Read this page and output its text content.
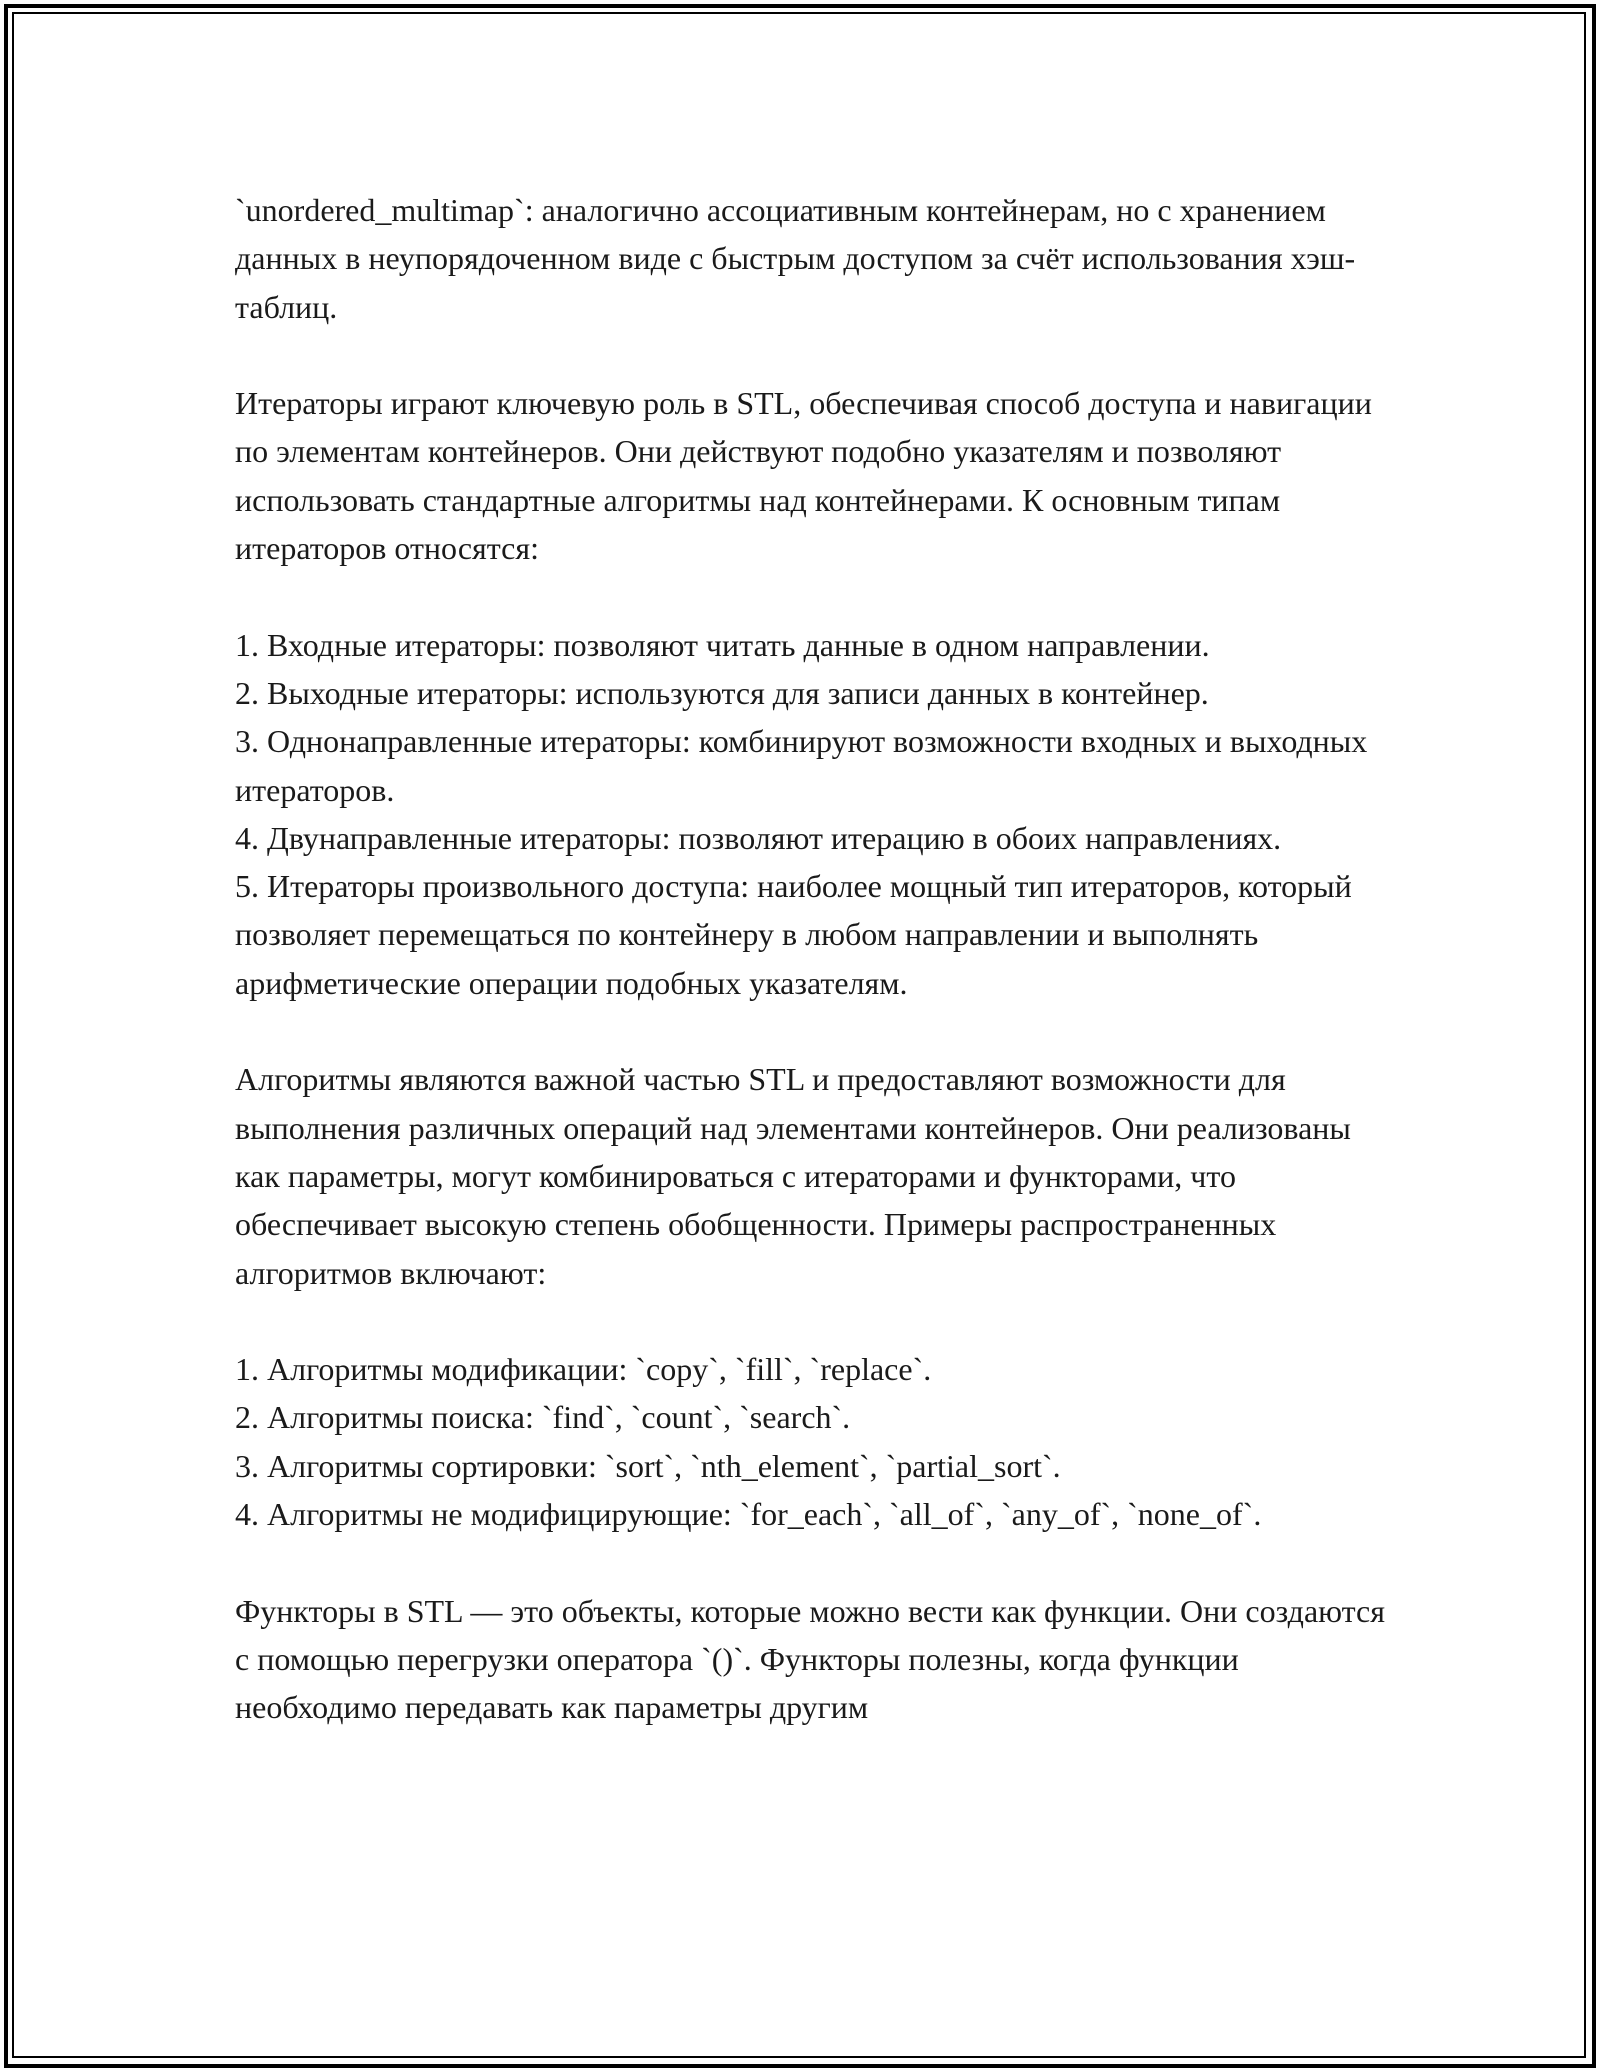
`unordered_multimap`: аналогично ассоциативным контейнерам, но с хранением данных в неупорядоченном виде с быстрым доступом за счёт использования хэш-таблиц.

Итераторы играют ключевую роль в STL, обеспечивая способ доступа и навигации по элементам контейнеров. Они действуют подобно указателям и позволяют использовать стандартные алгоритмы над контейнерами. К основным типам итераторов относятся:

1. Входные итераторы: позволяют читать данные в одном направлении.
2. Выходные итераторы: используются для записи данных в контейнер.
3. Однонаправленные итераторы: комбинируют возможности входных и выходных итераторов.
4. Двунаправленные итераторы: позволяют итерацию в обоих направлениях.
5. Итераторы произвольного доступа: наиболее мощный тип итераторов, который позволяет перемещаться по контейнеру в любом направлении и выполнять арифметические операции подобных указателям.

Алгоритмы являются важной частью STL и предоставляют возможности для выполнения различных операций над элементами контейнеров. Они реализованы как параметры, могут комбинироваться с итераторами и функторами, что обеспечивает высокую степень обобщенности. Примеры распространенных алгоритмов включают:

1. Алгоритмы модификации: `copy`, `fill`, `replace`.
2. Алгоритмы поиска: `find`, `count`, `search`.
3. Алгоритмы сортировки: `sort`, `nth_element`, `partial_sort`.
4. Алгоритмы не модифицирующие: `for_each`, `all_of`, `any_of`, `none_of`.

Функторы в STL — это объекты, которые можно вести как функции. Они создаются с помощью перегрузки оператора `()`. Функторы полезны, когда функции необходимо передавать как параметры другим
